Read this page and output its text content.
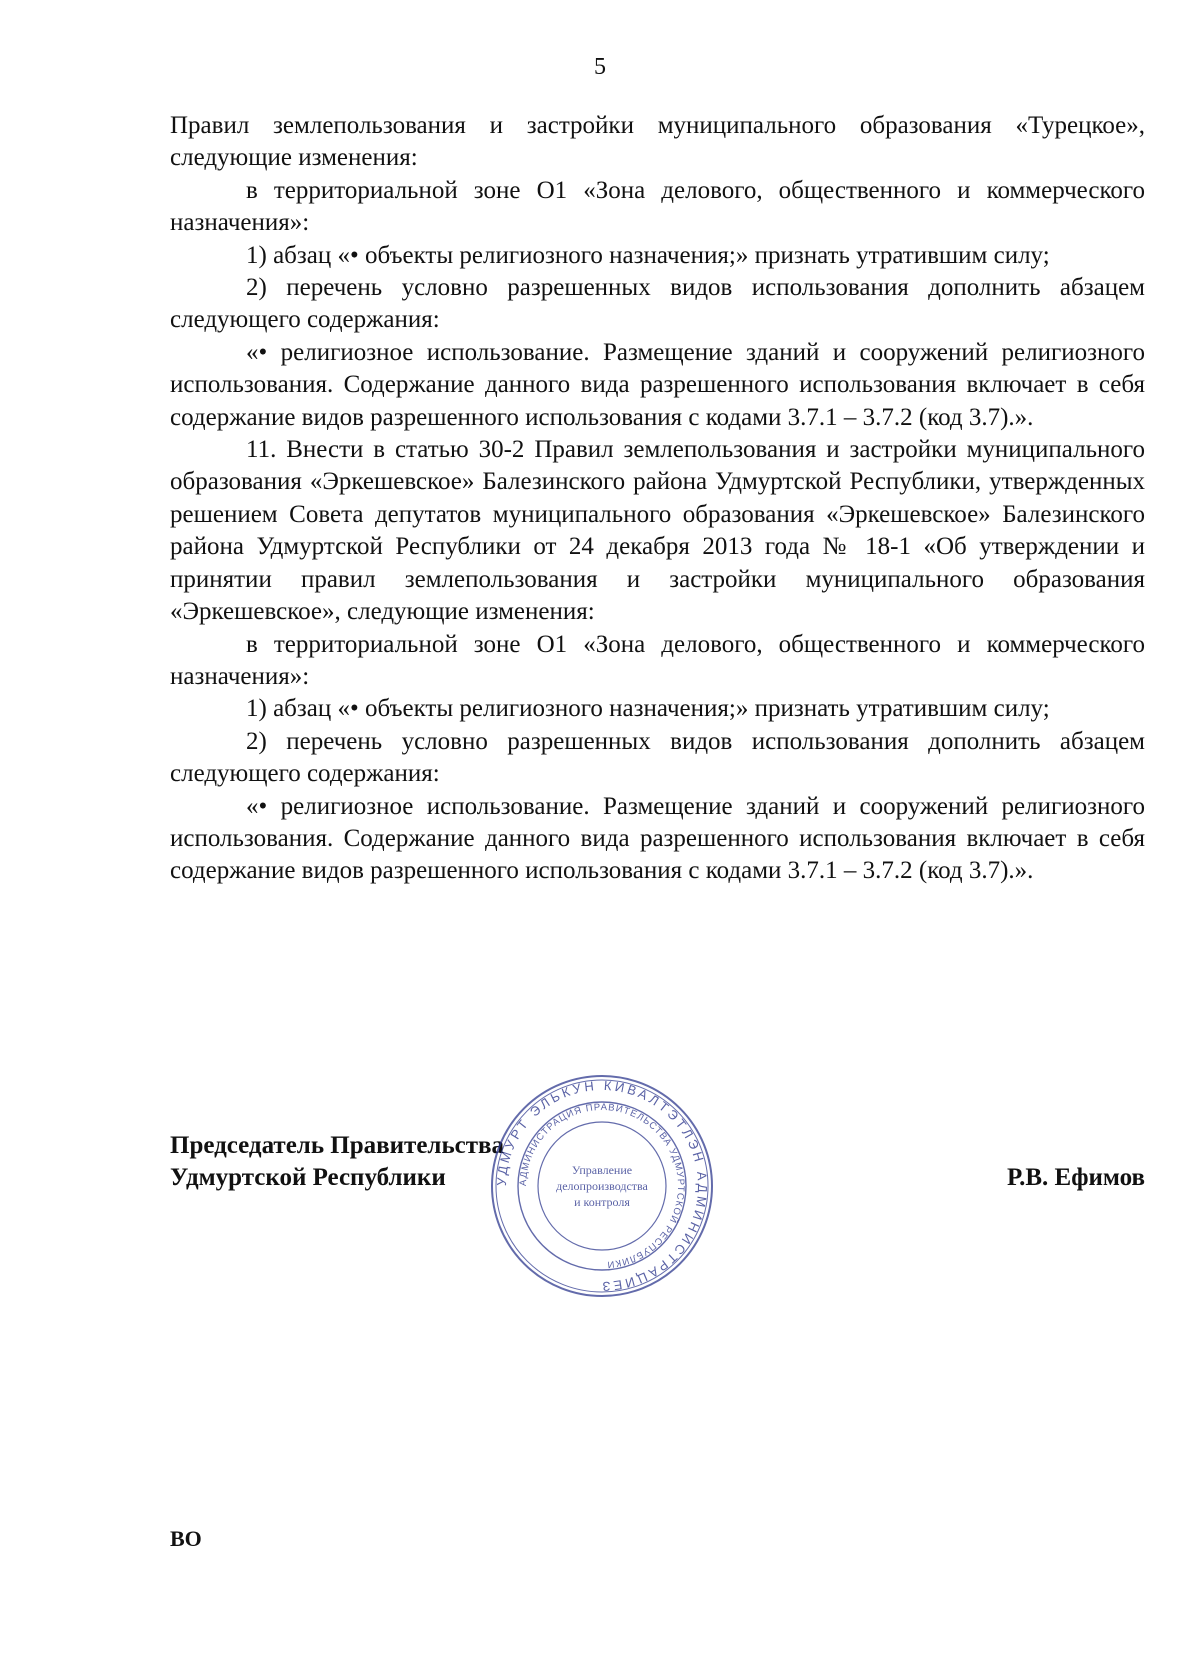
5

Правил землепользования и застройки муниципального образования «Турецкое», следующие изменения:

в территориальной зоне О1 «Зона делового, общественного и коммерческого назначения»:

1) абзац «• объекты религиозного назначения;» признать утратившим силу;

2) перечень условно разрешенных видов использования дополнить абзацем следующего содержания:

«• религиозное использование. Размещение зданий и сооружений религиозного использования. Содержание данного вида разрешенного использования включает в себя содержание видов разрешенного использования с кодами 3.7.1 – 3.7.2 (код 3.7).».

11. Внести в статью 30-2 Правил землепользования и застройки муниципального образования «Эркешевское» Балезинского района Удмуртской Республики, утвержденных решением Совета депутатов муниципального образования «Эркешевское» Балезинского района Удмуртской Республики от 24 декабря 2013 года № 18-1 «Об утверждении и принятии правил землепользования и застройки муниципального образования «Эркешевское», следующие изменения:

в территориальной зоне О1 «Зона делового, общественного и коммерческого назначения»:

1) абзац «• объекты религиозного назначения;» признать утратившим силу;

2) перечень условно разрешенных видов использования дополнить абзацем следующего содержания:

«• религиозное использование. Размещение зданий и сооружений религиозного использования. Содержание данного вида разрешенного использования включает в себя содержание видов разрешенного использования с кодами 3.7.1 – 3.7.2 (код 3.7).».

Председатель Правительства
Удмуртской Республики	Р.В. Ефимов
УДМУРТ ЭЛЬКУН КИВАЛТЭТЛЭН АДМИНИСТРАЦИЕЗ
АДМИНИСТРАЦИЯ ПРАВИТЕЛЬСТВА УДМУРТСКОЙ РЕСПУБЛИКИ
Управление
делопроизводства
и контроля
ВО
